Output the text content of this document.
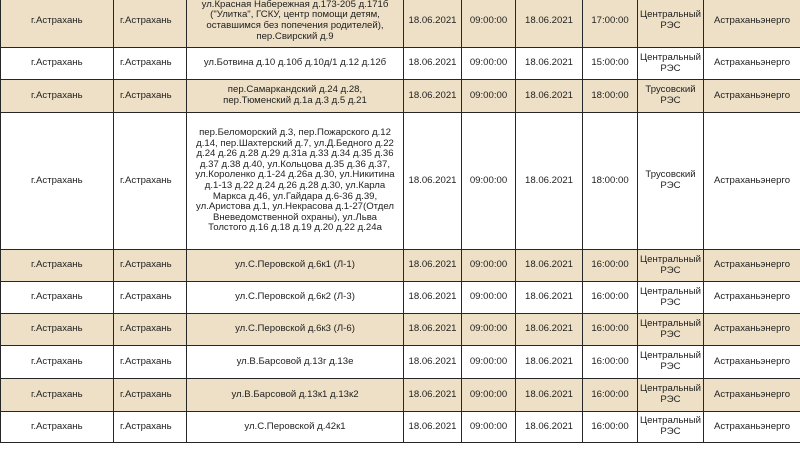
г.Астрахань	г.Астрахань	ул.Красная Набережная д.173-205 д.171б ("Улитка", ГСКУ, центр помощи детям, оставшимся без попечения родителей), пер.Свирский д.9	18.06.2021	09:00:00	18.06.2021	17:00:00	Центральный РЭС	Астраханьэнерго
г.Астрахань	г.Астрахань	ул.Ботвина д.10 д.10б д.10д/1 д.12 д.12б	18.06.2021	09:00:00	18.06.2021	15:00:00	Центральный РЭС	Астраханьэнерго
г.Астрахань	г.Астрахань	пер.Самаркандский д.24 д.28, пер.Тюменский д.1а д.3 д.5 д.21	18.06.2021	09:00:00	18.06.2021	18:00:00	Трусовский РЭС	Астраханьэнерго
г.Астрахань	г.Астрахань	пер.Беломорский д.3, пер.Пожарского д.12 д.14, пер.Шахтерский д.7, ул.Д.Бедного д.22 д.24 д.26 д.28 д.29 д.31а д.33 д.34 д.35 д.36 д.37 д.38 д.40, ул.Кольцова д.35 д.36 д.37, ул.Короленко д.1-24 д.26а д.30, ул.Никитина д.1-13 д.22 д.24 д.26 д.28 д.30, ул.Карла Маркса д.46, ул.Гайдара д.6-36 д.39, ул.Аристова д.1, ул.Некрасова д.1-27(Отдел Вневедомственной охраны), ул.Льва Толстого д.16 д.18 д.19 д.20 д.22 д.24а	18.06.2021	09:00:00	18.06.2021	18:00:00	Трусовский РЭС	Астраханьэнерго
г.Астрахань	г.Астрахань	ул.С.Перовской д.6к1 (Л-1)	18.06.2021	09:00:00	18.06.2021	16:00:00	Центральный РЭС	Астраханьэнерго
г.Астрахань	г.Астрахань	ул.С.Перовской д.6к2 (Л-3)	18.06.2021	09:00:00	18.06.2021	16:00:00	Центральный РЭС	Астраханьэнерго
г.Астрахань	г.Астрахань	ул.С.Перовской д.6к3 (Л-6)	18.06.2021	09:00:00	18.06.2021	16:00:00	Центральный РЭС	Астраханьэнерго
г.Астрахань	г.Астрахань	ул.В.Барсовой д.13г д.13е	18.06.2021	09:00:00	18.06.2021	16:00:00	Центральный РЭС	Астраханьэнерго
г.Астрахань	г.Астрахань	ул.В.Барсовой д.13к1 д.13к2	18.06.2021	09:00:00	18.06.2021	16:00:00	Центральный РЭС	Астраханьэнерго
г.Астрахань	г.Астрахань	ул.С.Перовской д.42к1	18.06.2021	09:00:00	18.06.2021	16:00:00	Центральный РЭС	Астраханьэнерго
